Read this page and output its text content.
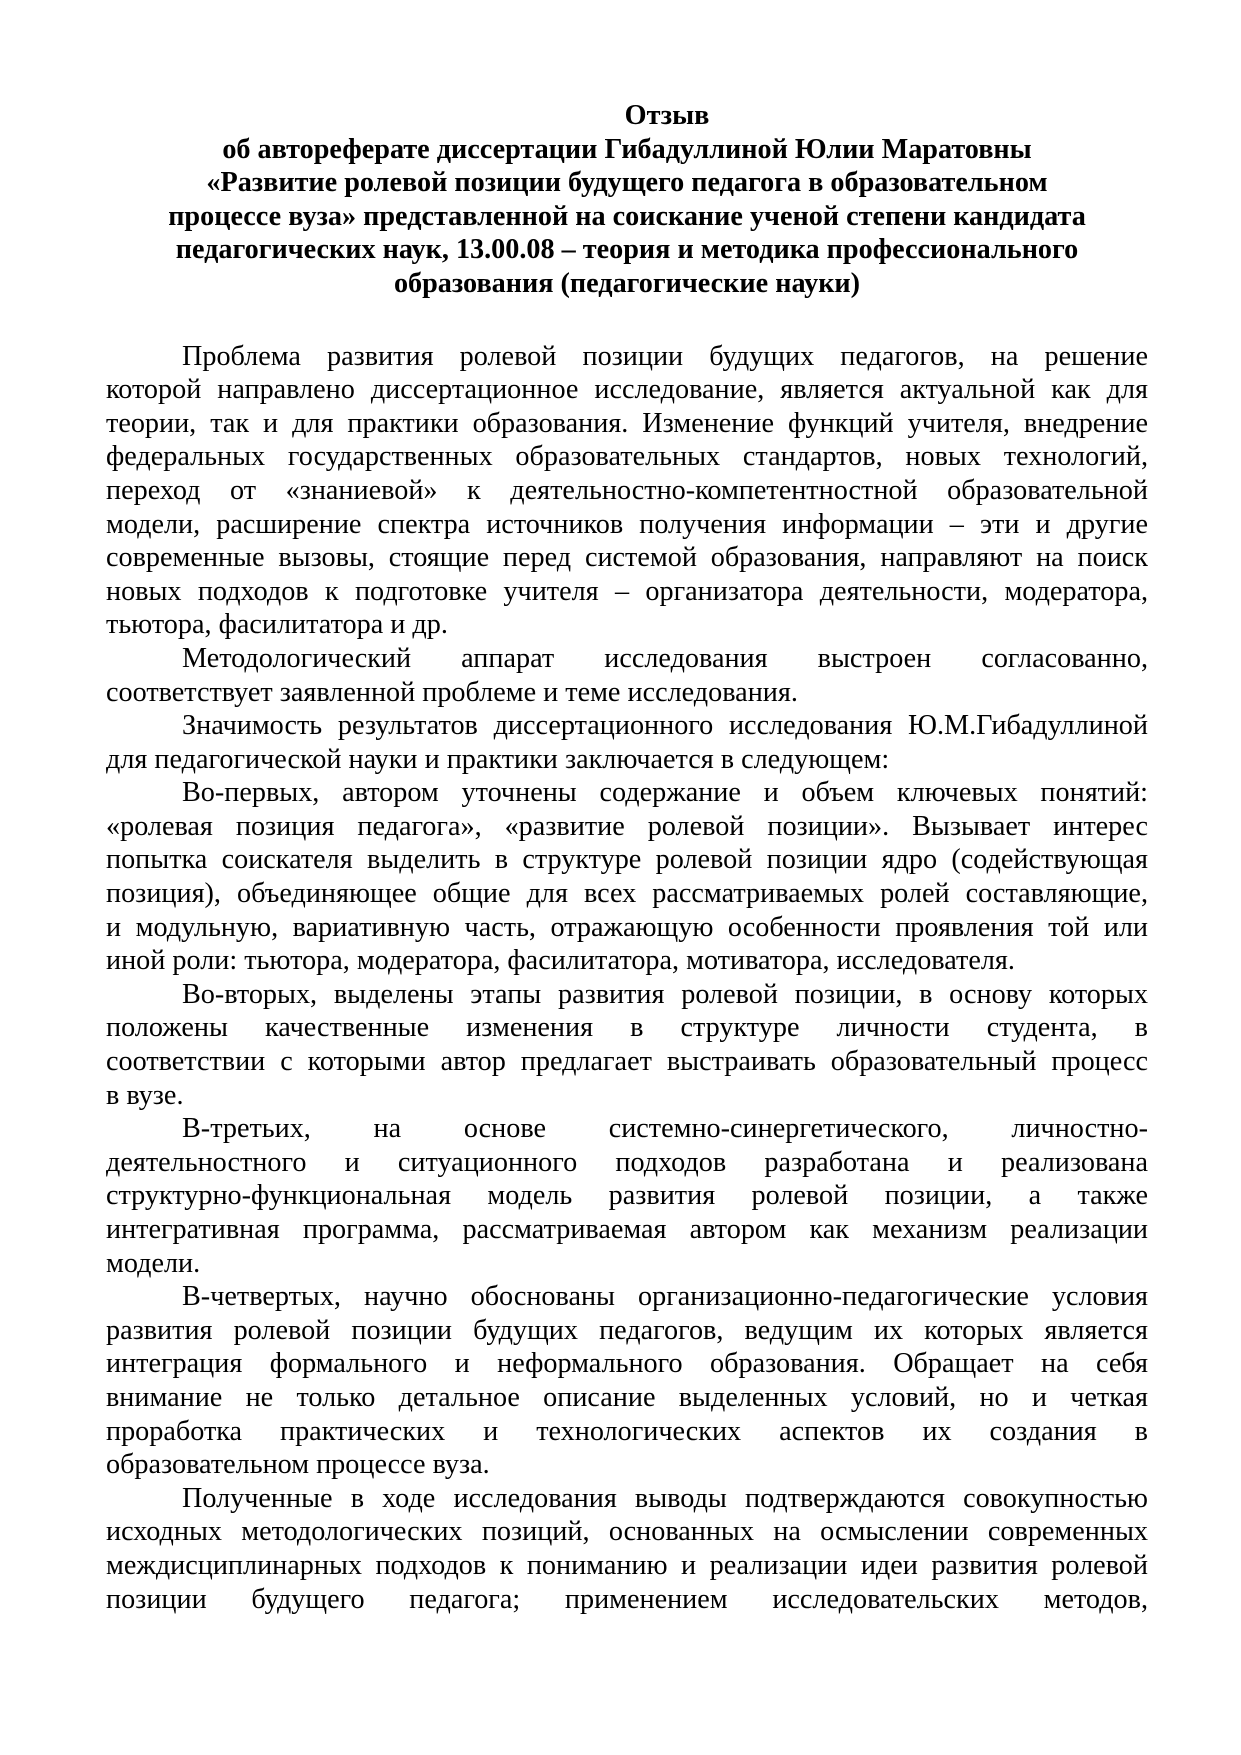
Отзыв
об автореферате диссертации Гибадуллиной Юлии Маратовны
«Развитие ролевой позиции будущего педагога в образовательном
процессе вуза» представленной на соискание ученой степени кандидата
педагогических наук, 13.00.08 – теория и методика профессионального
образования (педагогические науки)
Проблема развития ролевой позиции будущих педагогов, на решение
которой направлено диссертационное исследование, является актуальной как для
теории, так и для практики образования. Изменение функций учителя, внедрение
федеральных государственных образовательных стандартов, новых технологий,
переход от «знаниевой» к деятельностно-компетентностной образовательной
модели, расширение спектра источников получения информации – эти и другие
современные вызовы, стоящие перед системой образования, направляют на поиск
новых подходов к подготовке учителя – организатора деятельности, модератора,
тьютора, фасилитатора и др.
Методологический аппарат исследования выстроен согласованно,
соответствует заявленной проблеме и теме исследования.
Значимость результатов диссертационного исследования Ю.М.Гибадуллиной
для педагогической науки и практики заключается в следующем:
Во-первых, автором уточнены содержание и объем ключевых понятий:
«ролевая позиция педагога», «развитие ролевой позиции». Вызывает интерес
попытка соискателя выделить в структуре ролевой позиции ядро (содействующая
позиция), объединяющее общие для всех рассматриваемых ролей составляющие,
и модульную, вариативную часть, отражающую особенности проявления той или
иной роли: тьютора, модератора, фасилитатора, мотиватора, исследователя.
Во-вторых, выделены этапы развития ролевой позиции, в основу которых
положены качественные изменения в структуре личности студента, в
соответствии с которыми автор предлагает выстраивать образовательный процесс
в вузе.
В-третьих, на основе системно-синергетического, личностно-
деятельностного и ситуационного подходов разработана и реализована
структурно-функциональная модель развития ролевой позиции, а также
интегративная программа, рассматриваемая автором как механизм реализации
модели.
В-четвертых, научно обоснованы организационно-педагогические условия
развития ролевой позиции будущих педагогов, ведущим их которых является
интеграция формального и неформального образования. Обращает на себя
внимание не только детальное описание выделенных условий, но и четкая
проработка практических и технологических аспектов их создания в
образовательном процессе вуза.
Полученные в ходе исследования выводы подтверждаются совокупностью
исходных методологических позиций, основанных на осмыслении современных
междисциплинарных подходов к пониманию и реализации идеи развития ролевой
позиции будущего педагога; применением исследовательских методов,
